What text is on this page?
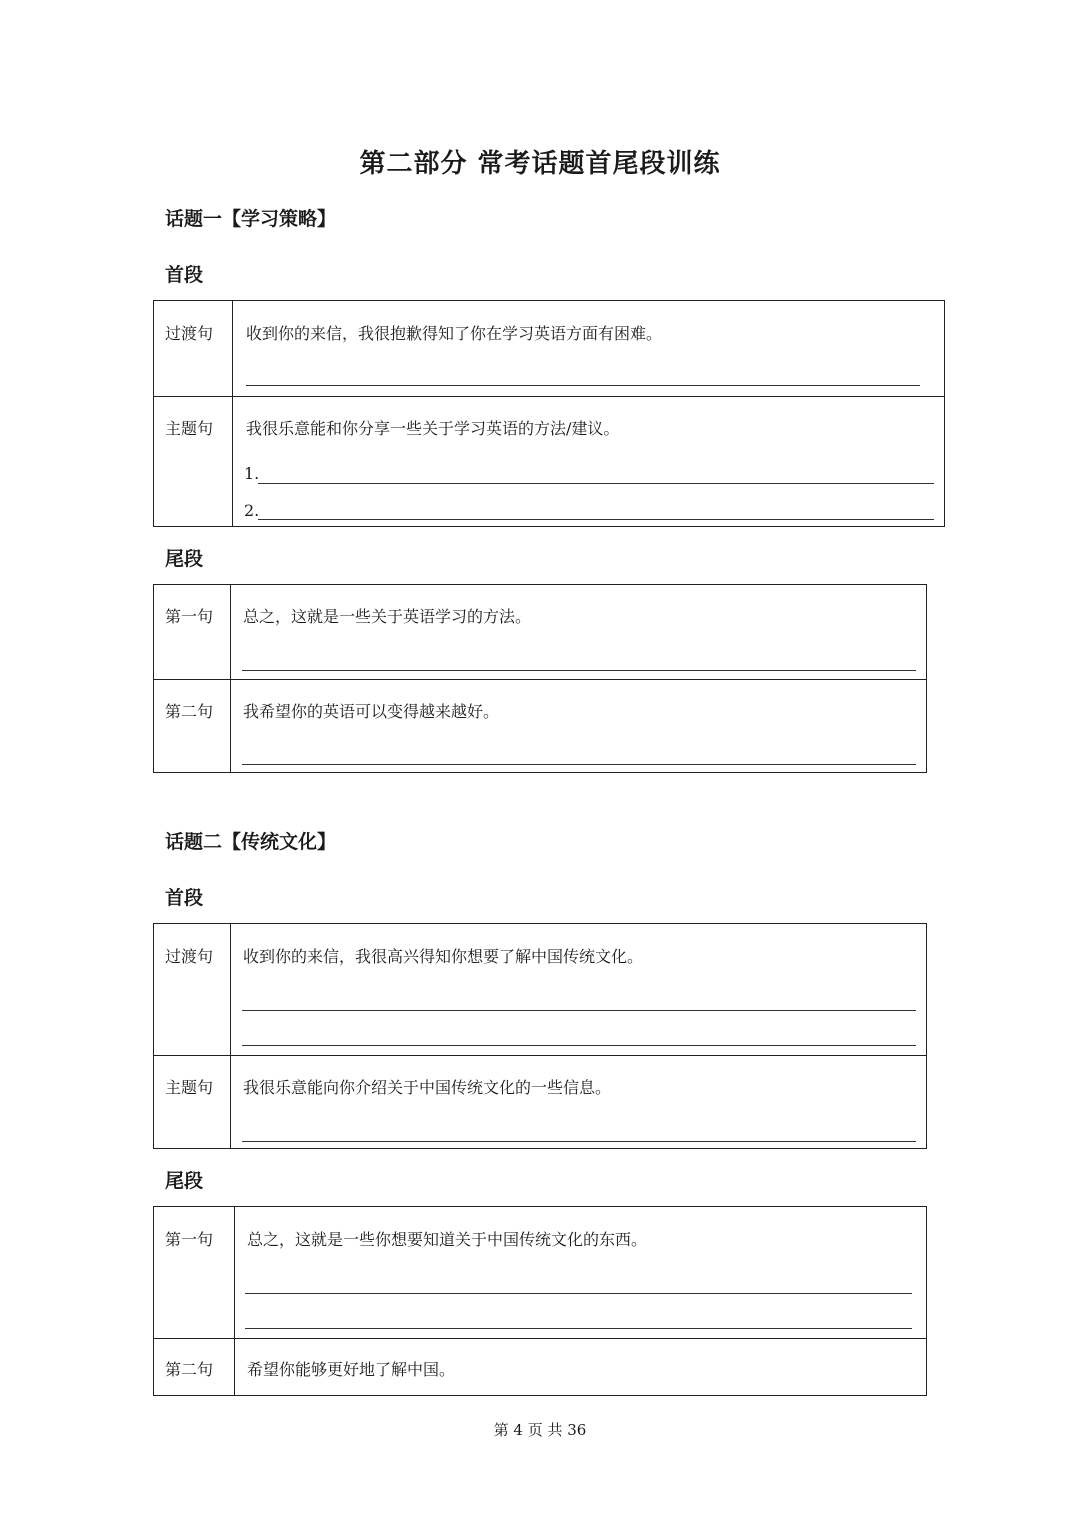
第二部分 常考话题首尾段训练
话题一【学习策略】
首段
过渡句 收到你的来信，我很抱歉得知了你在学习英语方面有困难。
主题句 我很乐意能和你分享一些关于学习英语的方法/建议。
1.
2.
尾段
第一句 总之，这就是一些关于英语学习的方法。
第二句 我希望你的英语可以变得越来越好。
话题二【传统文化】
首段
过渡句 收到你的来信，我很高兴得知你想要了解中国传统文化。
主题句 我很乐意能向你介绍关于中国传统文化的一些信息。
尾段
第一句 总之，这就是一些你想要知道关于中国传统文化的东西。
第二句 希望你能够更好地了解中国。
第 4 页 共 36
